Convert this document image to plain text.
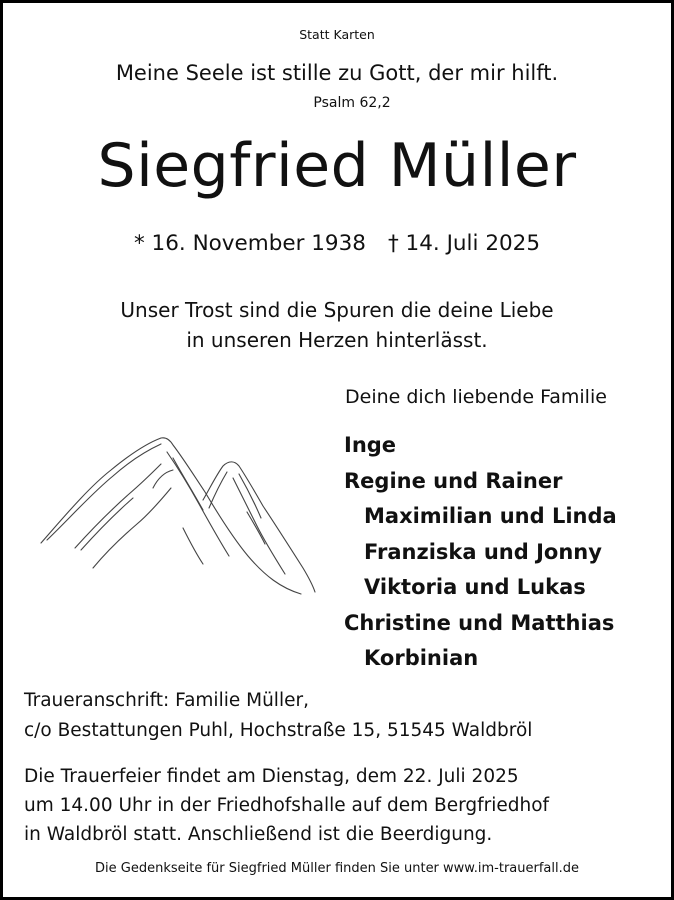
Statt Karten
Meine Seele ist stille zu Gott, der mir hilft.
Psalm 62,2
Siegfried Müller
* 16. November 1938 † 14. Juli 2025
Unser Trost sind die Spuren die deine Liebe
in unseren Herzen hinterlässt.
Deine dich liebende Familie
Inge
Regine und Rainer
Maximilian und Linda
Franziska und Jonny
Viktoria und Lukas
Christine und Matthias
Korbinian
Traueranschrift: Familie Müller,
c/o Bestattungen Puhl, Hochstraße 15, 51545 Waldbröl
Die Trauerfeier findet am Dienstag, dem 22. Juli 2025
um 14.00 Uhr in der Friedhofshalle auf dem Bergfriedhof
in Waldbröl statt. Anschließend ist die Beerdigung.
Die Gedenkseite für Siegfried Müller finden Sie unter www.im-trauerfall.de
